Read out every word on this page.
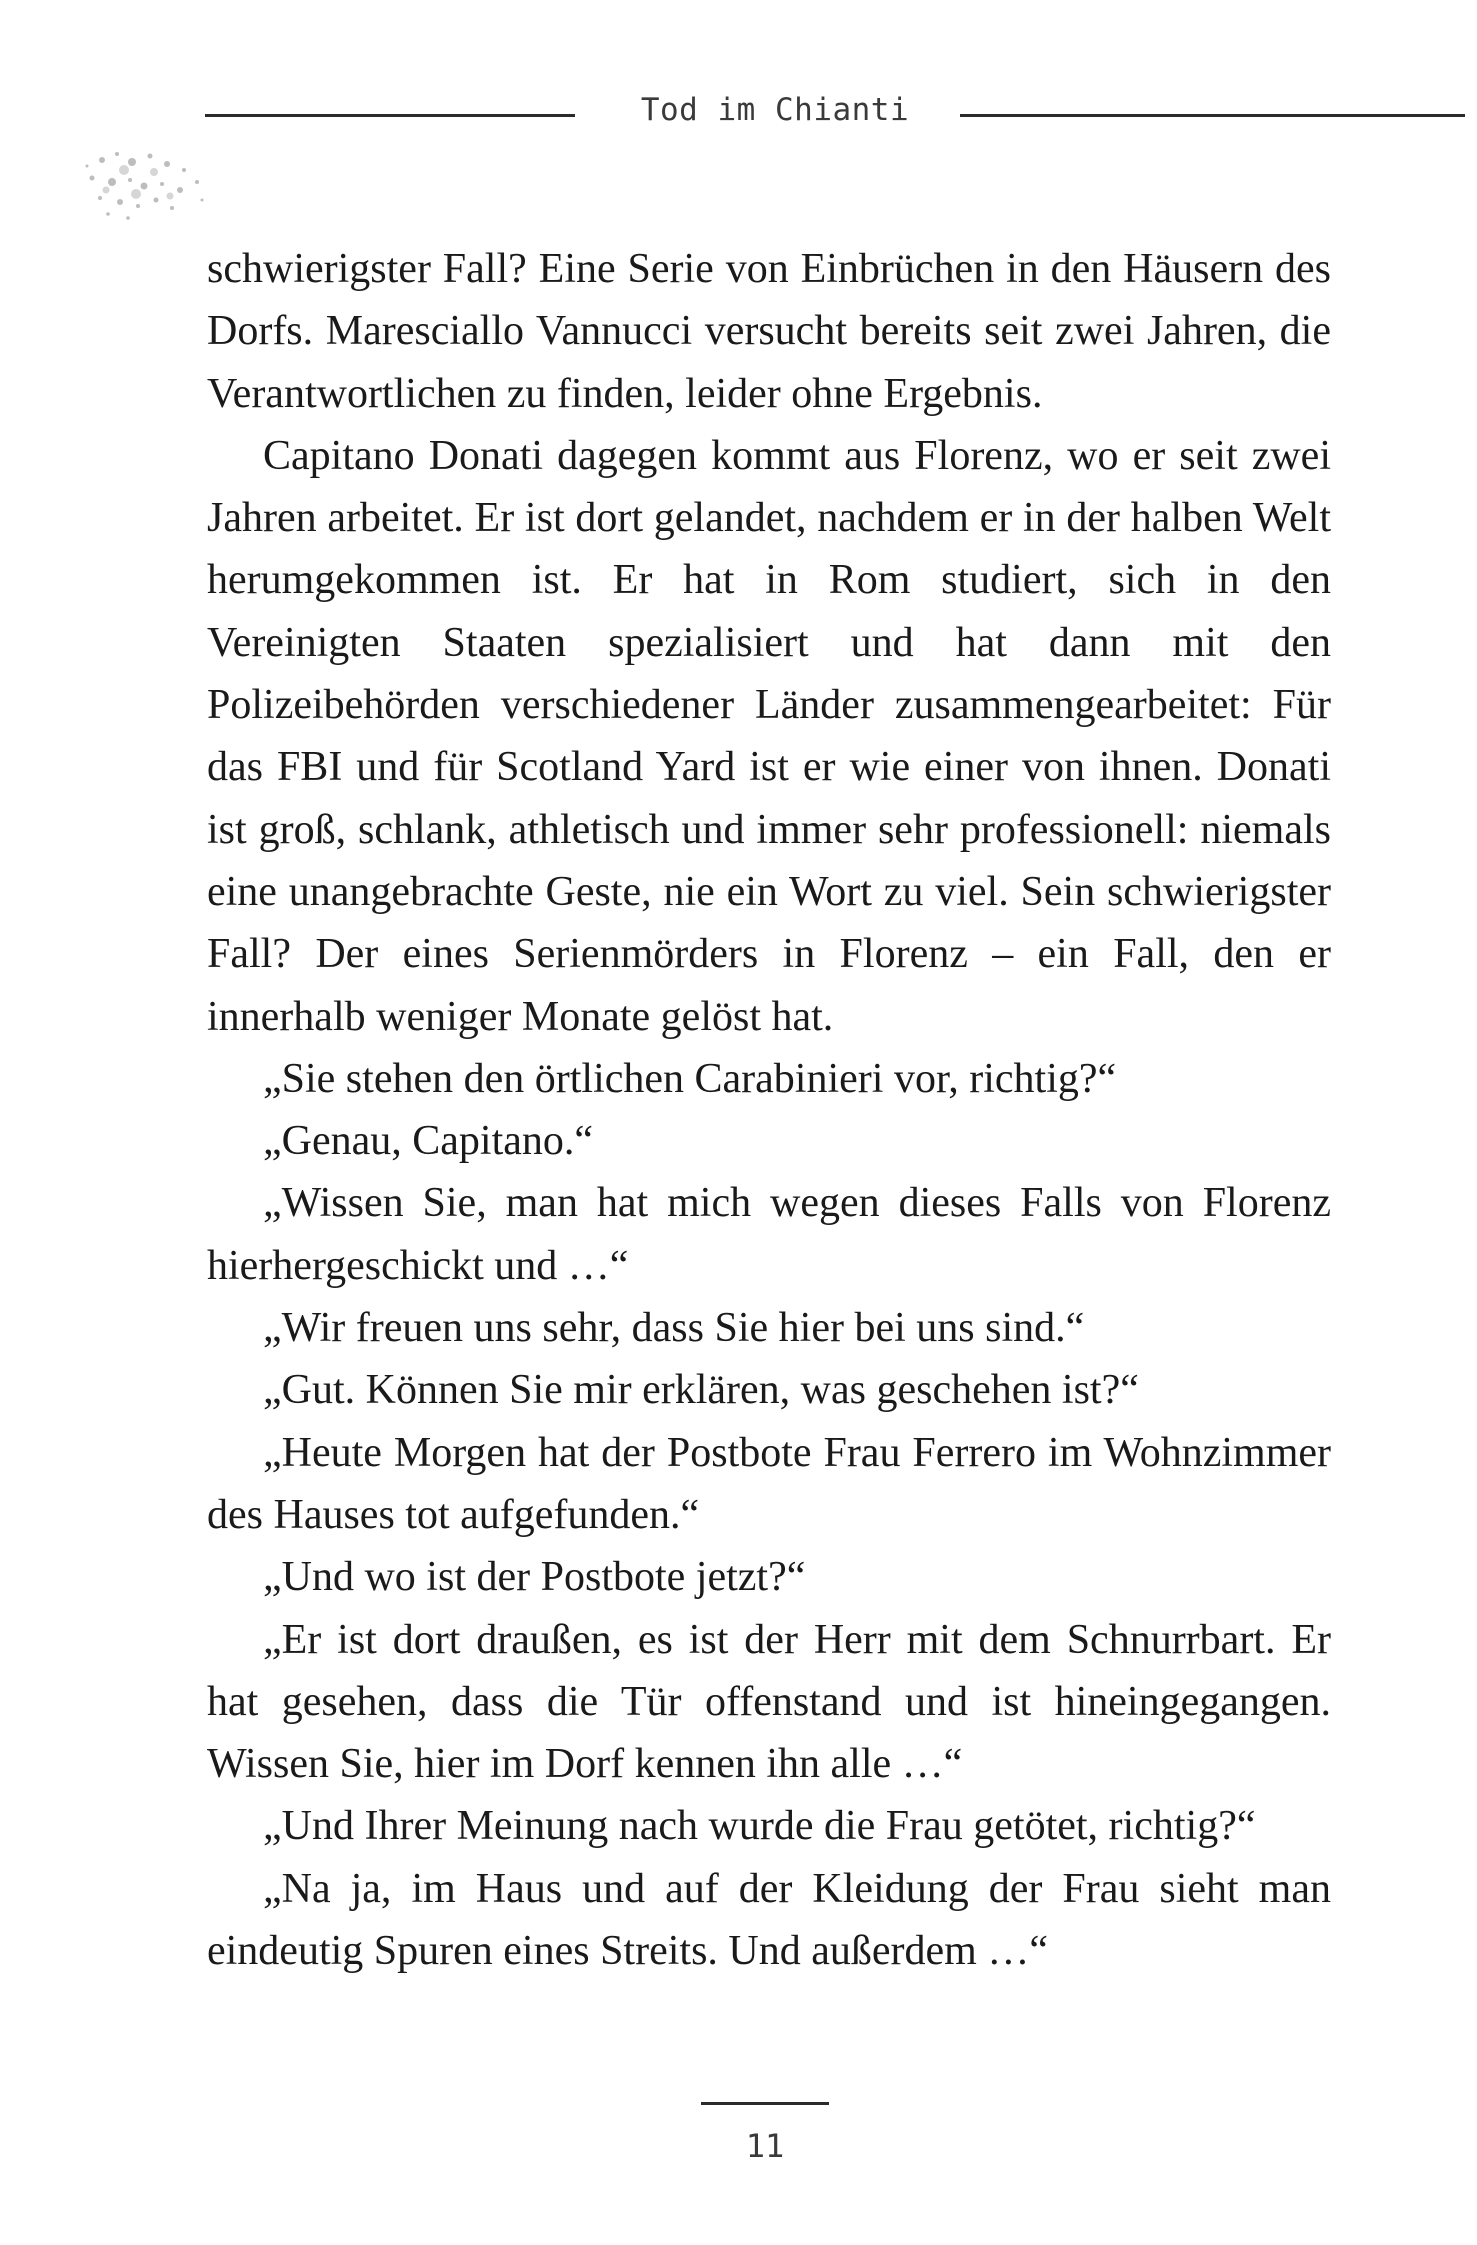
Tod im Chianti

schwierigster Fall? Eine Serie von Einbrüchen in den Häusern des Dorfs. Maresciallo Vannucci versucht bereits seit zwei Jahren, die Verantwortlichen zu finden, leider ohne Ergebnis.

Capitano Donati dagegen kommt aus Florenz, wo er seit zwei Jahren arbeitet. Er ist dort gelandet, nachdem er in der halben Welt herumgekommen ist. Er hat in Rom studiert, sich in den Vereinigten Staaten spezialisiert und hat dann mit den Polizeibehörden verschiedener Länder zusammengearbeitet: Für das FBI und für Scotland Yard ist er wie einer von ihnen. Donati ist groß, schlank, athletisch und immer sehr professionell: niemals eine unangebrachte Geste, nie ein Wort zu viel. Sein schwierigster Fall? Der eines Serienmörders in Florenz – ein Fall, den er innerhalb weniger Monate gelöst hat.

„Sie stehen den örtlichen Carabinieri vor, richtig?“

„Genau, Capitano.“

„Wissen Sie, man hat mich wegen dieses Falls von Florenz hierhergeschickt und …“

„Wir freuen uns sehr, dass Sie hier bei uns sind.“

„Gut. Können Sie mir erklären, was geschehen ist?“

„Heute Morgen hat der Postbote Frau Ferrero im Wohnzimmer des Hauses tot aufgefunden.“

„Und wo ist der Postbote jetzt?“

„Er ist dort draußen, es ist der Herr mit dem Schnurrbart. Er hat gesehen, dass die Tür offenstand und ist hineingegangen. Wissen Sie, hier im Dorf kennen ihn alle …“

„Und Ihrer Meinung nach wurde die Frau getötet, richtig?“

„Na ja, im Haus und auf der Kleidung der Frau sieht man eindeutig Spuren eines Streits. Und außerdem …“

11
